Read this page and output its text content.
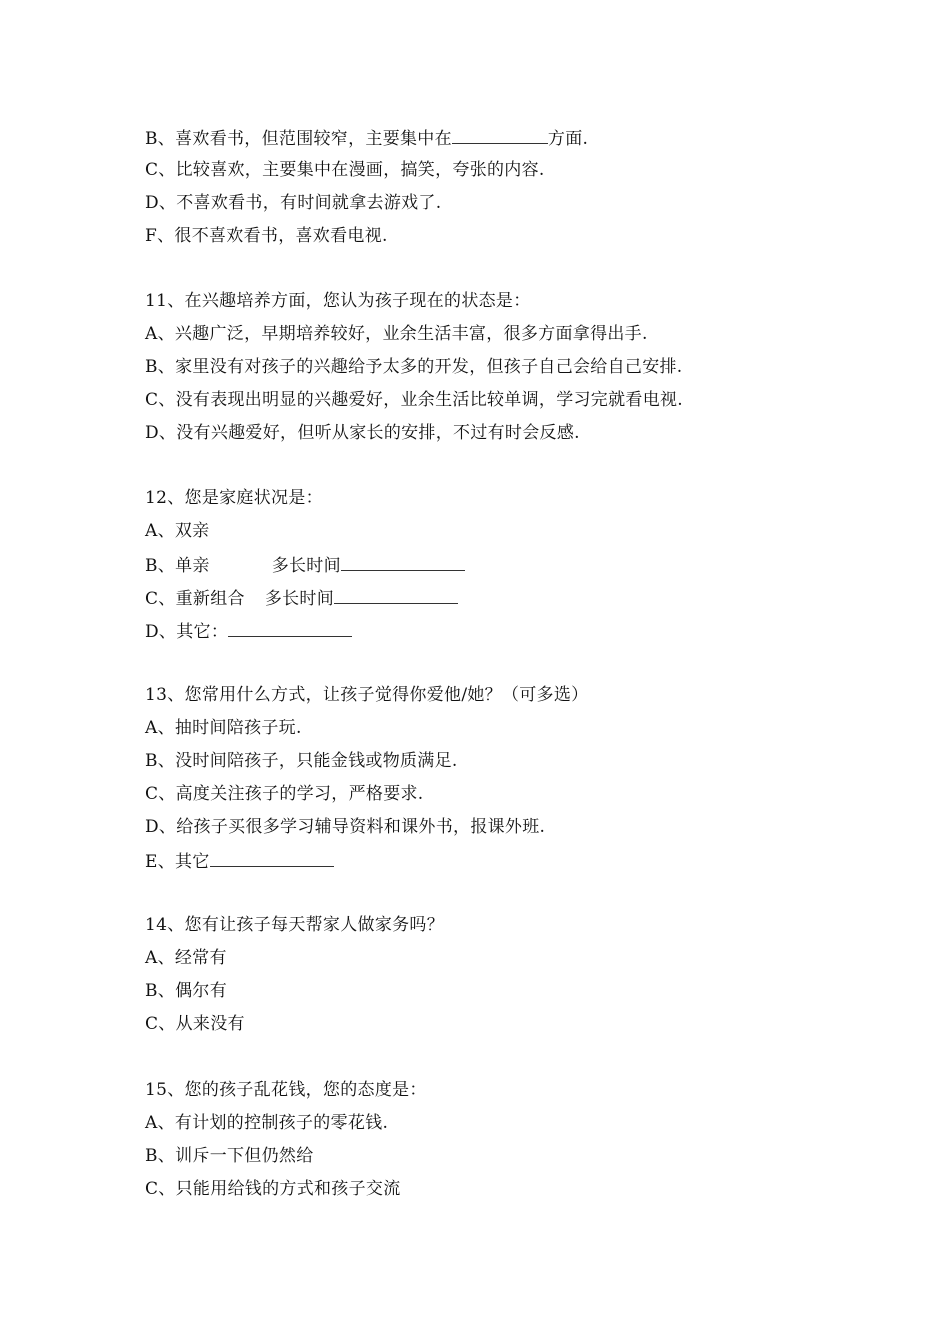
B、喜欢看书，但范围较窄，主要集中在	方面.
C、比较喜欢，主要集中在漫画，搞笑，夸张的内容.
D、不喜欢看书，有时间就拿去游戏了.
F、很不喜欢看书，喜欢看电视.
11、在兴趣培养方面，您认为孩子现在的状态是：
A、兴趣广泛，早期培养较好，业余生活丰富，很多方面拿得出手.
B、家里没有对孩子的兴趣给予太多的开发，但孩子自己会给自己安排.
C、没有表现出明显的兴趣爱好，业余生活比较单调，学习完就看电视.
D、没有兴趣爱好，但听从家长的安排，不过有时会反感.
12、您是家庭状况是：
A、双亲
B、单亲	多长时间
C、重新组合 多长时间
D、其它：
13、您常用什么方式，让孩子觉得你爱他/她？（可多选）
A、抽时间陪孩子玩.
B、没时间陪孩子，只能金钱或物质满足.
C、高度关注孩子的学习，严格要求.
D、给孩子买很多学习辅导资料和课外书，报课外班.
E、其它
14、您有让孩子每天帮家人做家务吗？
A、经常有
B、偶尔有
C、从来没有
15、您的孩子乱花钱，您的态度是：
A、有计划的控制孩子的零花钱.
B、训斥一下但仍然给
C、只能用给钱的方式和孩子交流
